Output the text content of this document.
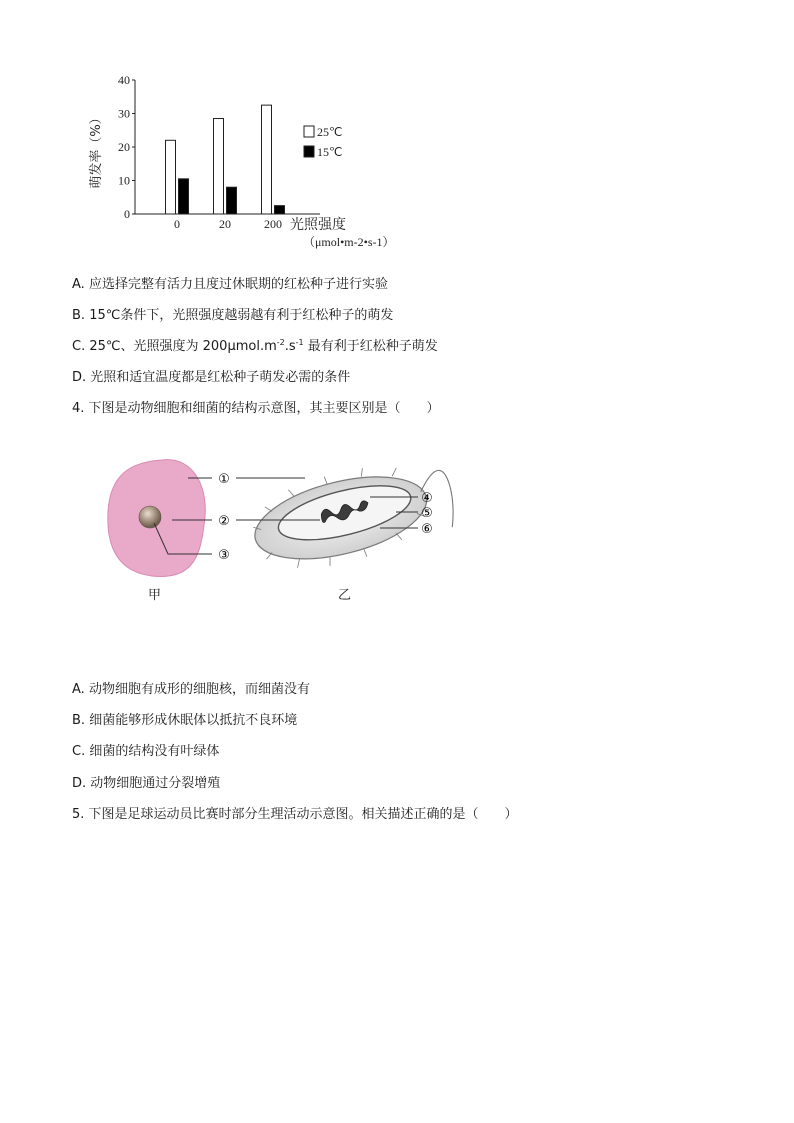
0
10
20
30
40
萌发率（%）
0	20	200 光照强度
（μmol•m-2•s-1）
25℃
15℃
A. 应选择完整有活力且度过休眠期的红松种子进行实验
B. 15℃条件下，光照强度越弱越有利于红松种子的萌发
C. 25℃、光照强度为 $200\mu mol.m^{-2}.s^{-1}$ 最有利于红松种子萌发
D. 光照和适宜温度都是红松种子萌发必需的条件
4. 下图是动物细胞和细菌的结构示意图，其主要区别是（　　）
①
②
③
④
⑤
⑥
甲	乙
A. 动物细胞有成形的细胞核，而细菌没有
B. 细菌能够形成休眠体以抵抗不良环境
C. 细菌的结构没有叶绿体
D. 动物细胞通过分裂增殖
5. 下图是足球运动员比赛时部分生理活动示意图。相关描述正确的是（　　）
